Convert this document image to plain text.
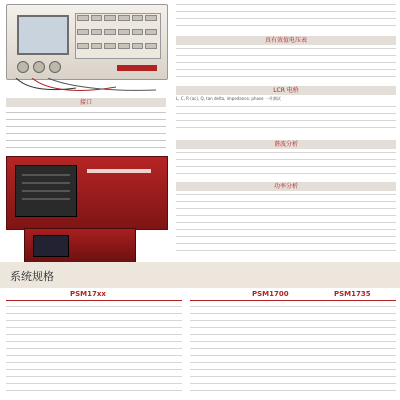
接口
真有效值电压表
LCR 电桥
L, C, R (ac), Q, tan delta, impedance, phase 一并测试
谐波分析
功率分析
系统规格
PSM17xx	PSM1700	PSM1735
